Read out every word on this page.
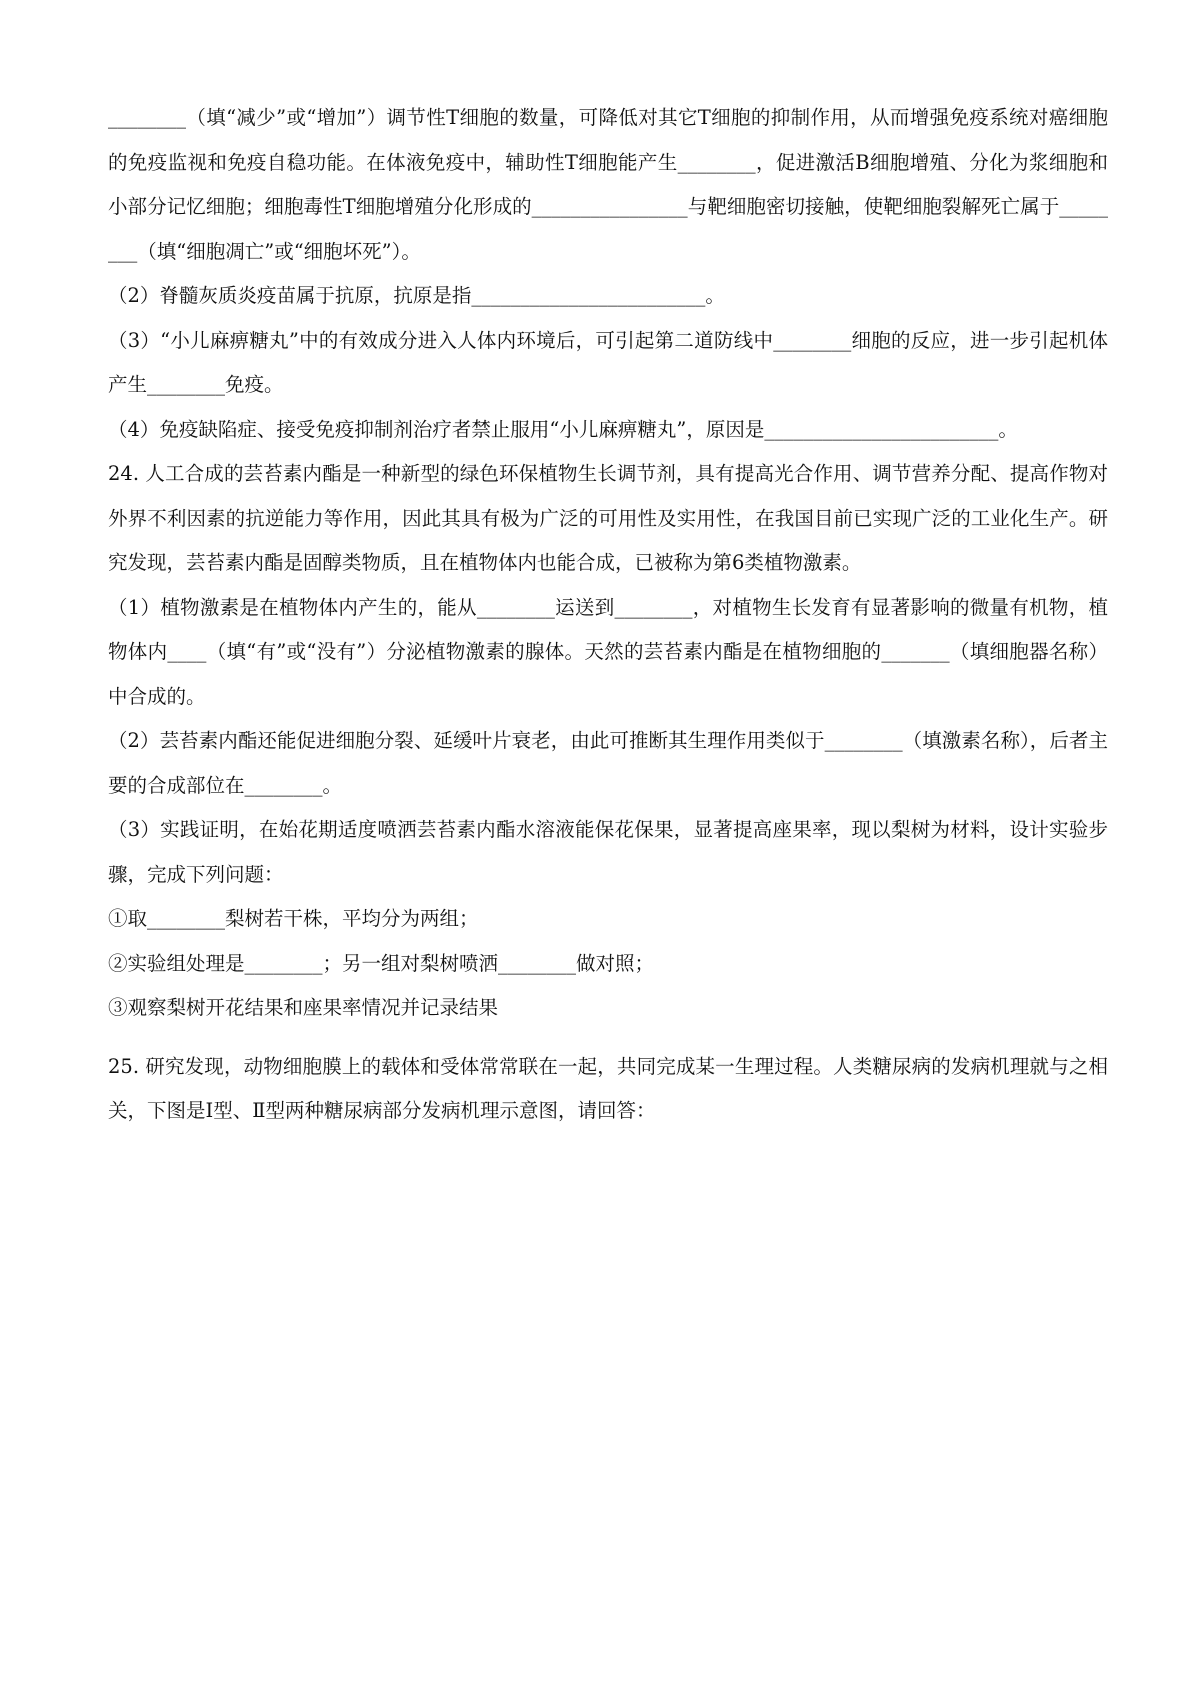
________（填“减少”或“增加”）调节性T细胞的数量，可降低对其它T细胞的抑制作用，从而增强免疫系统对癌细胞的免疫监视和免疫自稳功能。在体液免疫中，辅助性T细胞能产生________，促进激活B细胞增殖、分化为浆细胞和小部分记忆细胞；细胞毒性T细胞增殖分化形成的________________与靶细胞密切接触，使靶细胞裂解死亡属于________（填“细胞凋亡”或“细胞坏死”）。

（2）脊髓灰质炎疫苗属于抗原，抗原是指________________________。

（3）“小儿麻痹糖丸”中的有效成分进入人体内环境后，可引起第二道防线中________细胞的反应，进一步引起机体产生________免疫。

（4）免疫缺陷症、接受免疫抑制剂治疗者禁止服用“小儿麻痹糖丸”，原因是________________________。

24. 人工合成的芸苔素内酯是一种新型的绿色环保植物生长调节剂，具有提高光合作用、调节营养分配、提高作物对外界不利因素的抗逆能力等作用，因此其具有极为广泛的可用性及实用性，在我国目前已实现广泛的工业化生产。研究发现，芸苔素内酯是固醇类物质，且在植物体内也能合成，已被称为第6类植物激素。

（1）植物激素是在植物体内产生的，能从________运送到________，对植物生长发育有显著影响的微量有机物，植物体内____（填“有”或“没有”）分泌植物激素的腺体。天然的芸苔素内酯是在植物细胞的_______（填细胞器名称）中合成的。

（2）芸苔素内酯还能促进细胞分裂、延缓叶片衰老，由此可推断其生理作用类似于________（填激素名称），后者主要的合成部位在________。

（3）实践证明，在始花期适度喷洒芸苔素内酯水溶液能保花保果，显著提高座果率，现以梨树为材料，设计实验步骤，完成下列问题：

①取________梨树若干株，平均分为两组；

②实验组处理是________；另一组对梨树喷洒________做对照；

③观察梨树开花结果和座果率情况并记录结果

25. 研究发现，动物细胞膜上的载体和受体常常联在一起，共同完成某一生理过程。人类糖尿病的发病机理就与之相关，下图是Ⅰ型、Ⅱ型两种糖尿病部分发病机理示意图，请回答：
